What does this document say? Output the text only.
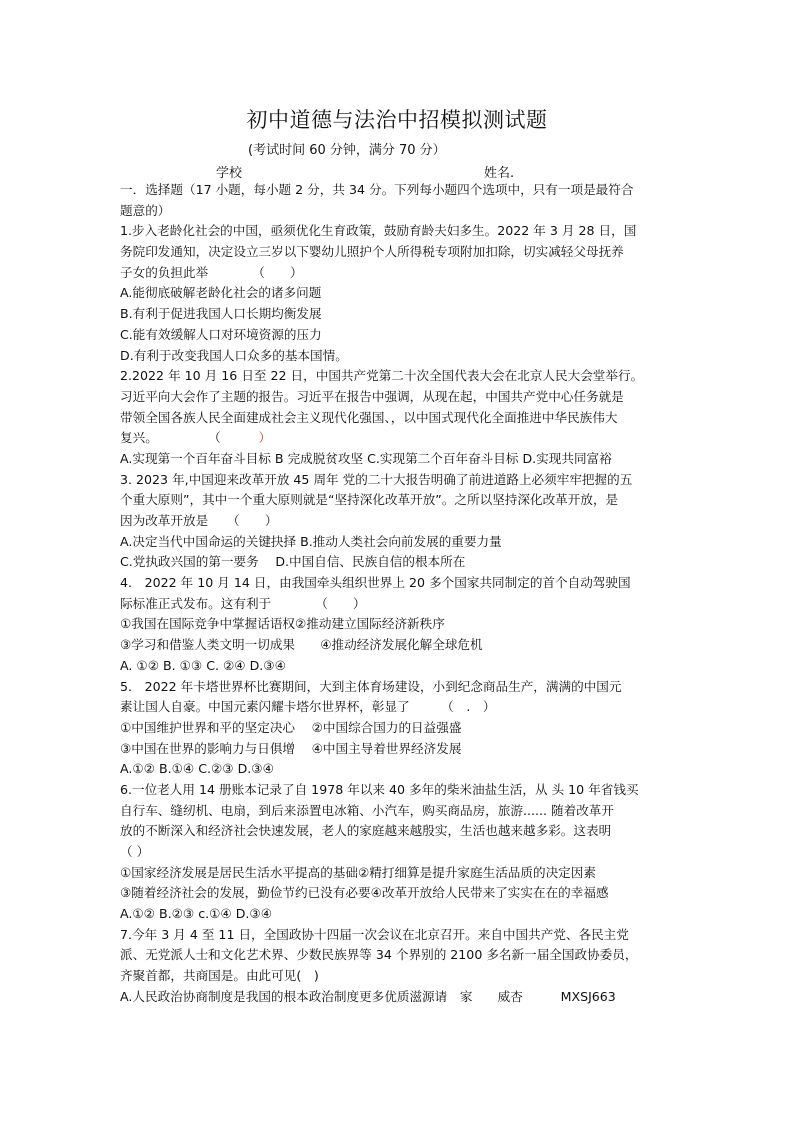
初中道德与法治中招模拟测试题
(考试时间 60 分钟，满分 70 分）
学校	姓名.
一．选择题（17 小题，每小题 2 分，共 34 分。下列每小题四个选项中，只有一项是最符合
题意的）
1.步入老龄化社会的中国，亟须优化生育政策，鼓励育龄夫妇多生。2022 年 3 月 28 日，国
务院印发通知，决定设立三岁以下婴幼儿照护个人所得税专项附加扣除，切实减轻父母抚养
子女的负担此举　　　　（　　）
A.能彻底破解老龄化社会的诸多问题
B.有利于促进我国人口长期均衡发展
C.能有效缓解人口对环境资源的压力
D.有利于改变我国人口众多的基本国情。
2.2022 年 10 月 16 日至 22 日，中国共产党第二十次全国代表大会在北京人民大会堂举行。
习近平向大会作了主题的报告。习近平在报告中强调，从现在起，中国共产党中心任务就是
带领全国各族人民全面建成社会主义现代化强国、，以中国式现代化全面推进中华民族伟大
复兴。　　　　　（　　　）
A.实现第一个百年奋斗目标 B 完成脱贫攻坚 C.实现第二个百年奋斗目标 D.实现共同富裕
3. 2023 年,中国迎来改革开放 45 周年 党的二十大报告明确了前进道路上必须牢牢把握的五
个重大原则”，其中一个重大原则就是“坚持深化改革开放”。之所以坚持深化改革开放，是
因为改革开放是　　（　　）
A.决定当代中国命运的关键抉择 B.推动人类社会向前发展的重要力量
C.党执政兴国的第一要务　 D.中国自信、民族自信的根本所在
4.　2022 年 10 月 14 日，由我国牵头组织世界上 20 多个国家共同制定的首个自动驾驶国
际标准正式发布。这有利于　　　　（　　）
①我国在国际竞争中掌握话语权②推动建立国际经济新秩序
③学习和借鉴人类文明一切成果　　④推动经济发展化解全球危机
A. ①② B. ①③ C. ②④ D.③④
5.　2022 年卡塔世界杯比赛期间，大到主体育场建设，小到纪念商品生产，满满的中国元
素让国人自豪。中国元素闪耀卡塔尔世界杯，彰显了　　　（　.　）
①中国维护世界和平的坚定决心　 ②中国综合国力的日益强盛
③中国在世界的影响力与日俱增　 ④中国主导着世界经济发展
A.①② B.①④ C.②③ D.③④
6.一位老人用 14 册账本记录了自 1978 年以来 40 多年的柴米油盐生活，从 头 10 年省钱买
自行车、缝纫机、电扇，到后来添置电冰箱、小汽车，购买商品房，旅游...... 随着改革开
放的不断深入和经济社会快速发展，老人的家庭越来越殷实，生活也越来越多彩。这表明
（ ）
①国家经济发展是居民生活水平提高的基础②精打细算是提升家庭生活品质的决定因素
③随着经济社会的发展，勤俭节约已没有必要④改革开放给人民带来了实实在在的幸福感
A.①② B.②③ c.①④ D.③④
7.今年 3 月 4 至 11 日，全国政协十四届一次会议在北京召开。来自中国共产党、各民主党
派、无党派人士和文化艺术界、少数民族界等 34 个界别的 2100 多名新一届全国政协委员，
齐聚首都，共商国是。由此可见(　)
A.人民政治协商制度是我国的根本政治制度更多优质滋源请　家　　威杏　　　MXSJ663
